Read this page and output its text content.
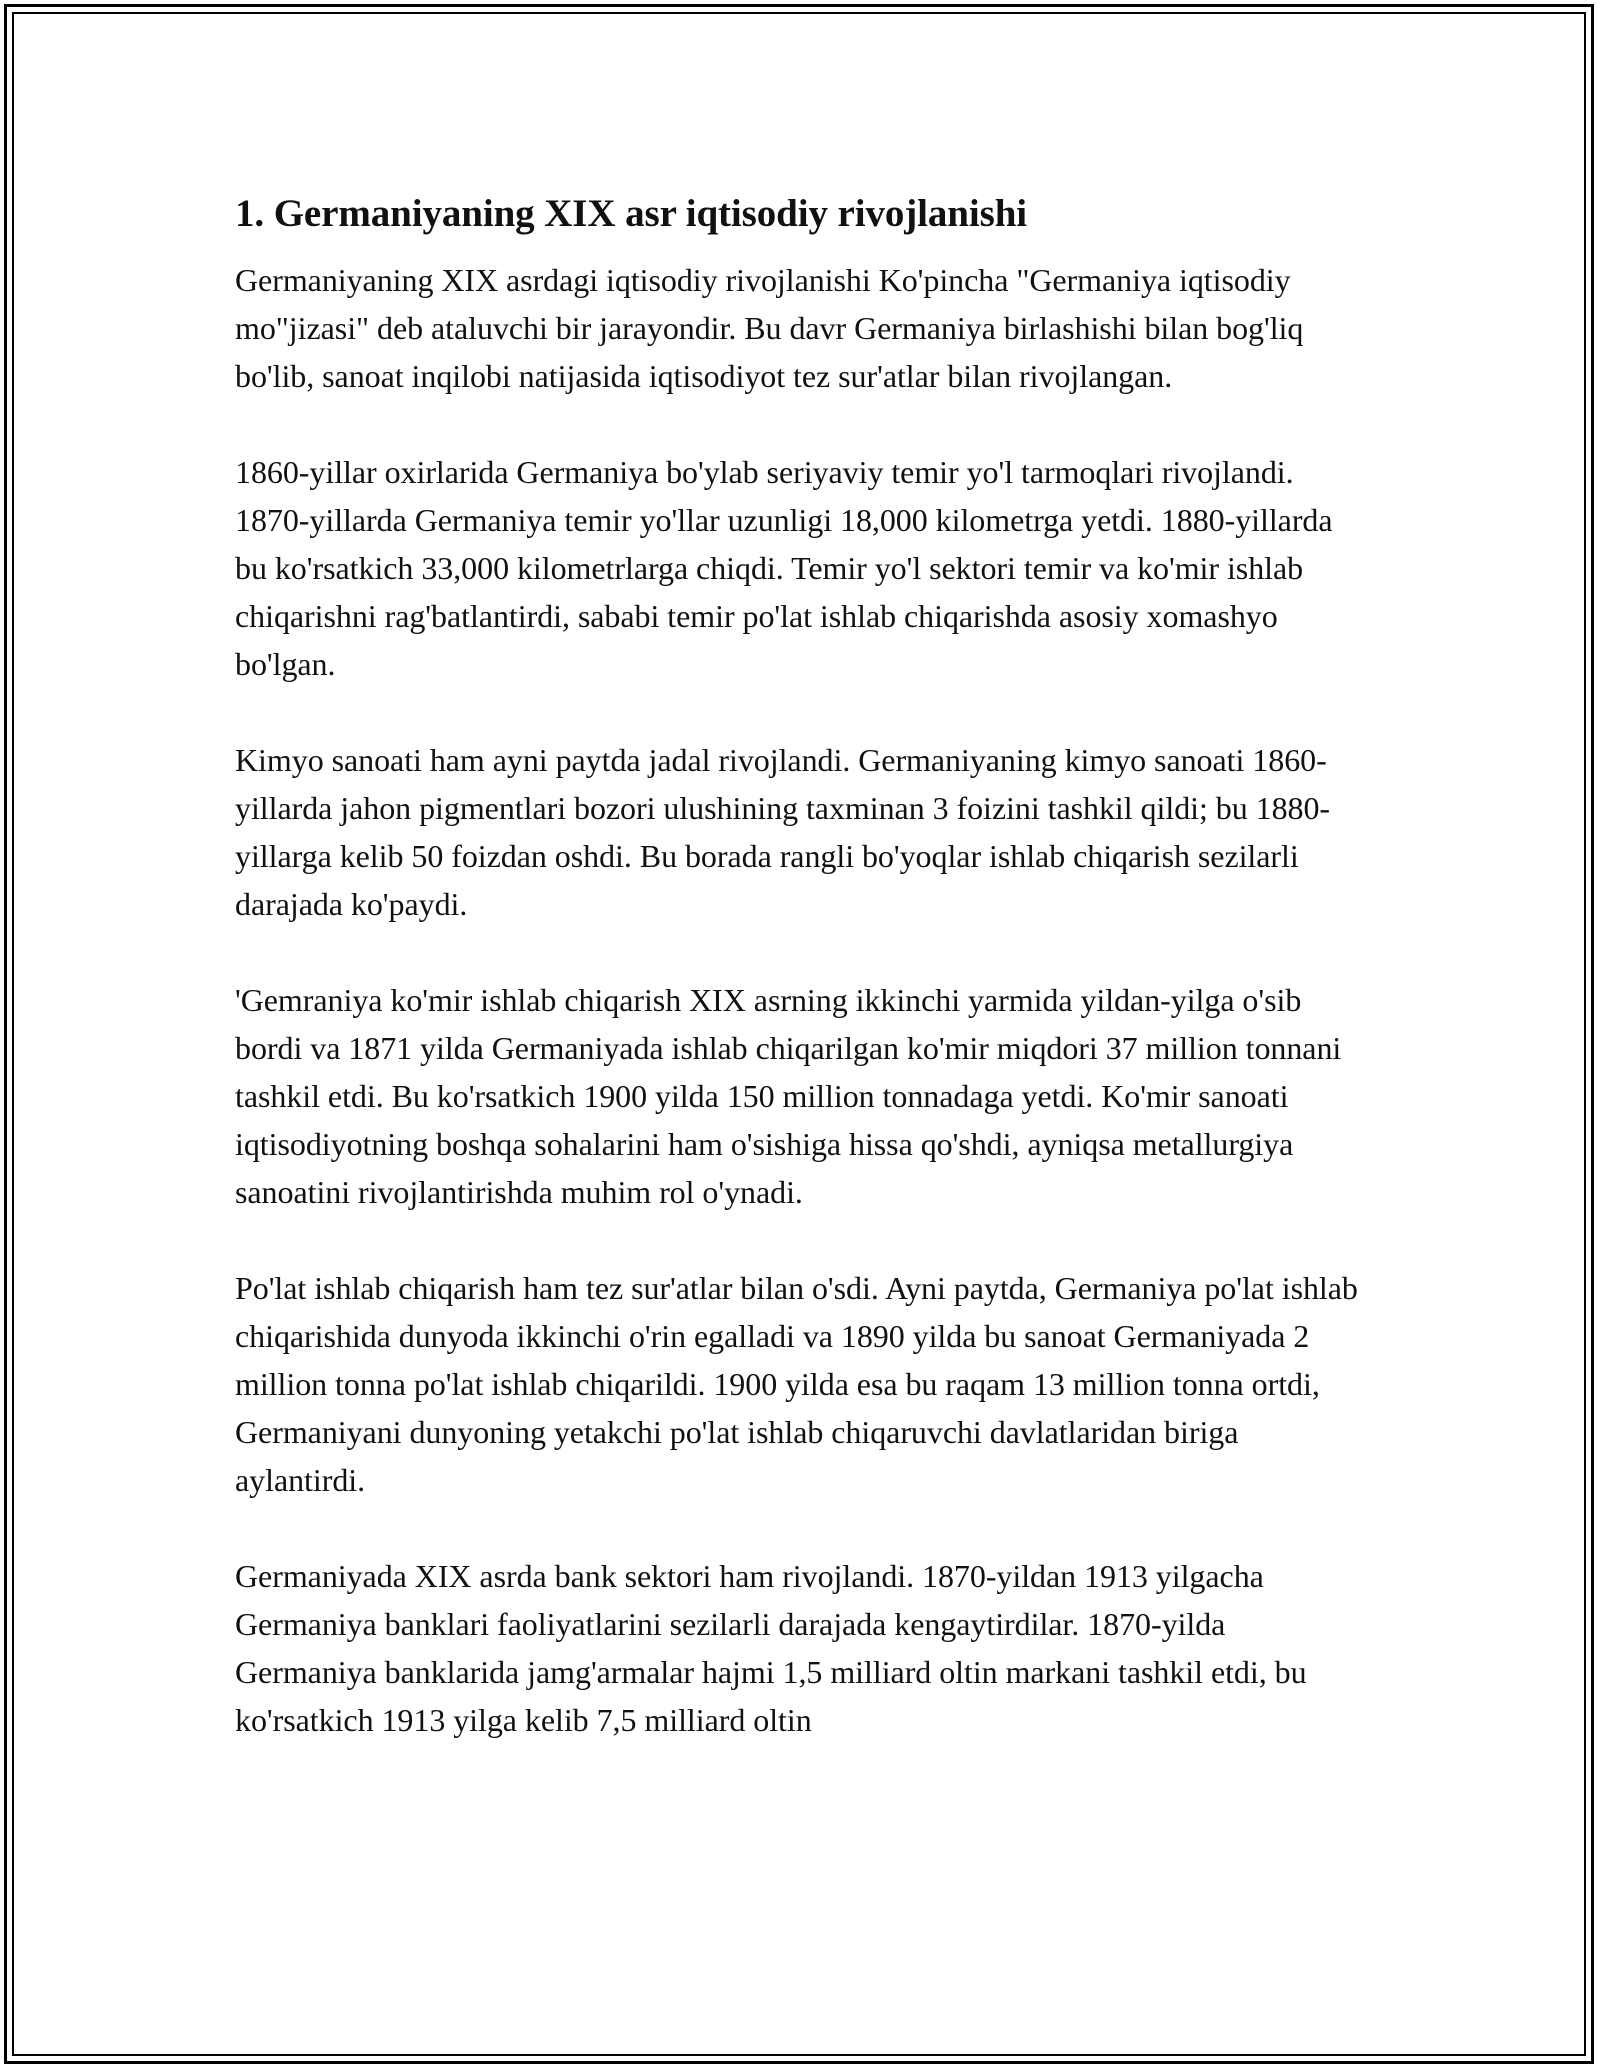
1. Germaniyaning XIX asr iqtisodiy rivojlanishi

Germaniyaning XIX asrdagi iqtisodiy rivojlanishi Ko'pincha "Germaniya iqtisodiy mo"jizasi" deb ataluvchi bir jarayondir. Bu davr Germaniya birlashishi bilan bog'liq bo'lib, sanoat inqilobi natijasida iqtisodiyot tez sur'atlar bilan rivojlangan.

1860-yillar oxirlarida Germaniya bo'ylab seriyaviy temir yo'l tarmoqlari rivojlandi. 1870-yillarda Germaniya temir yo'llar uzunligi 18,000 kilometrga yetdi. 1880-yillarda bu ko'rsatkich 33,000 kilometrlarga chiqdi. Temir yo'l sektori temir va ko'mir ishlab chiqarishni rag'batlantirdi, sababi temir po'lat ishlab chiqarishda asosiy xomashyo bo'lgan.

Kimyo sanoati ham ayni paytda jadal rivojlandi. Germaniyaning kimyo sanoati 1860-yillarda jahon pigmentlari bozori ulushining taxminan 3 foizini tashkil qildi; bu 1880-yillarga kelib 50 foizdan oshdi. Bu borada rangli bo'yoqlar ishlab chiqarish sezilarli darajada ko'paydi.

'Gemraniya ko'mir ishlab chiqarish XIX asrning ikkinchi yarmida yildan-yilga o'sib bordi va 1871 yilda Germaniyada ishlab chiqarilgan ko'mir miqdori 37 million tonnani tashkil etdi. Bu ko'rsatkich 1900 yilda 150 million tonnadaga yetdi. Ko'mir sanoati iqtisodiyotning boshqa sohalarini ham o'sishiga hissa qo'shdi, ayniqsa metallurgiya sanoatini rivojlantirishda muhim rol o'ynadi.

Po'lat ishlab chiqarish ham tez sur'atlar bilan o'sdi. Ayni paytda, Germaniya po'lat ishlab chiqarishida dunyoda ikkinchi o'rin egalladi va 1890 yilda bu sanoat Germaniyada 2 million tonna po'lat ishlab chiqarildi. 1900 yilda esa bu raqam 13 million tonna ortdi, Germaniyani dunyoning yetakchi po'lat ishlab chiqaruvchi davlatlaridan biriga aylantirdi.

Germaniyada XIX asrda bank sektori ham rivojlandi. 1870-yildan 1913 yilgacha Germaniya banklari faoliyatlarini sezilarli darajada kengaytirdilar. 1870-yilda Germaniya banklarida jamg'armalar hajmi 1,5 milliard oltin markani tashkil etdi, bu ko'rsatkich 1913 yilga kelib 7,5 milliard oltin
